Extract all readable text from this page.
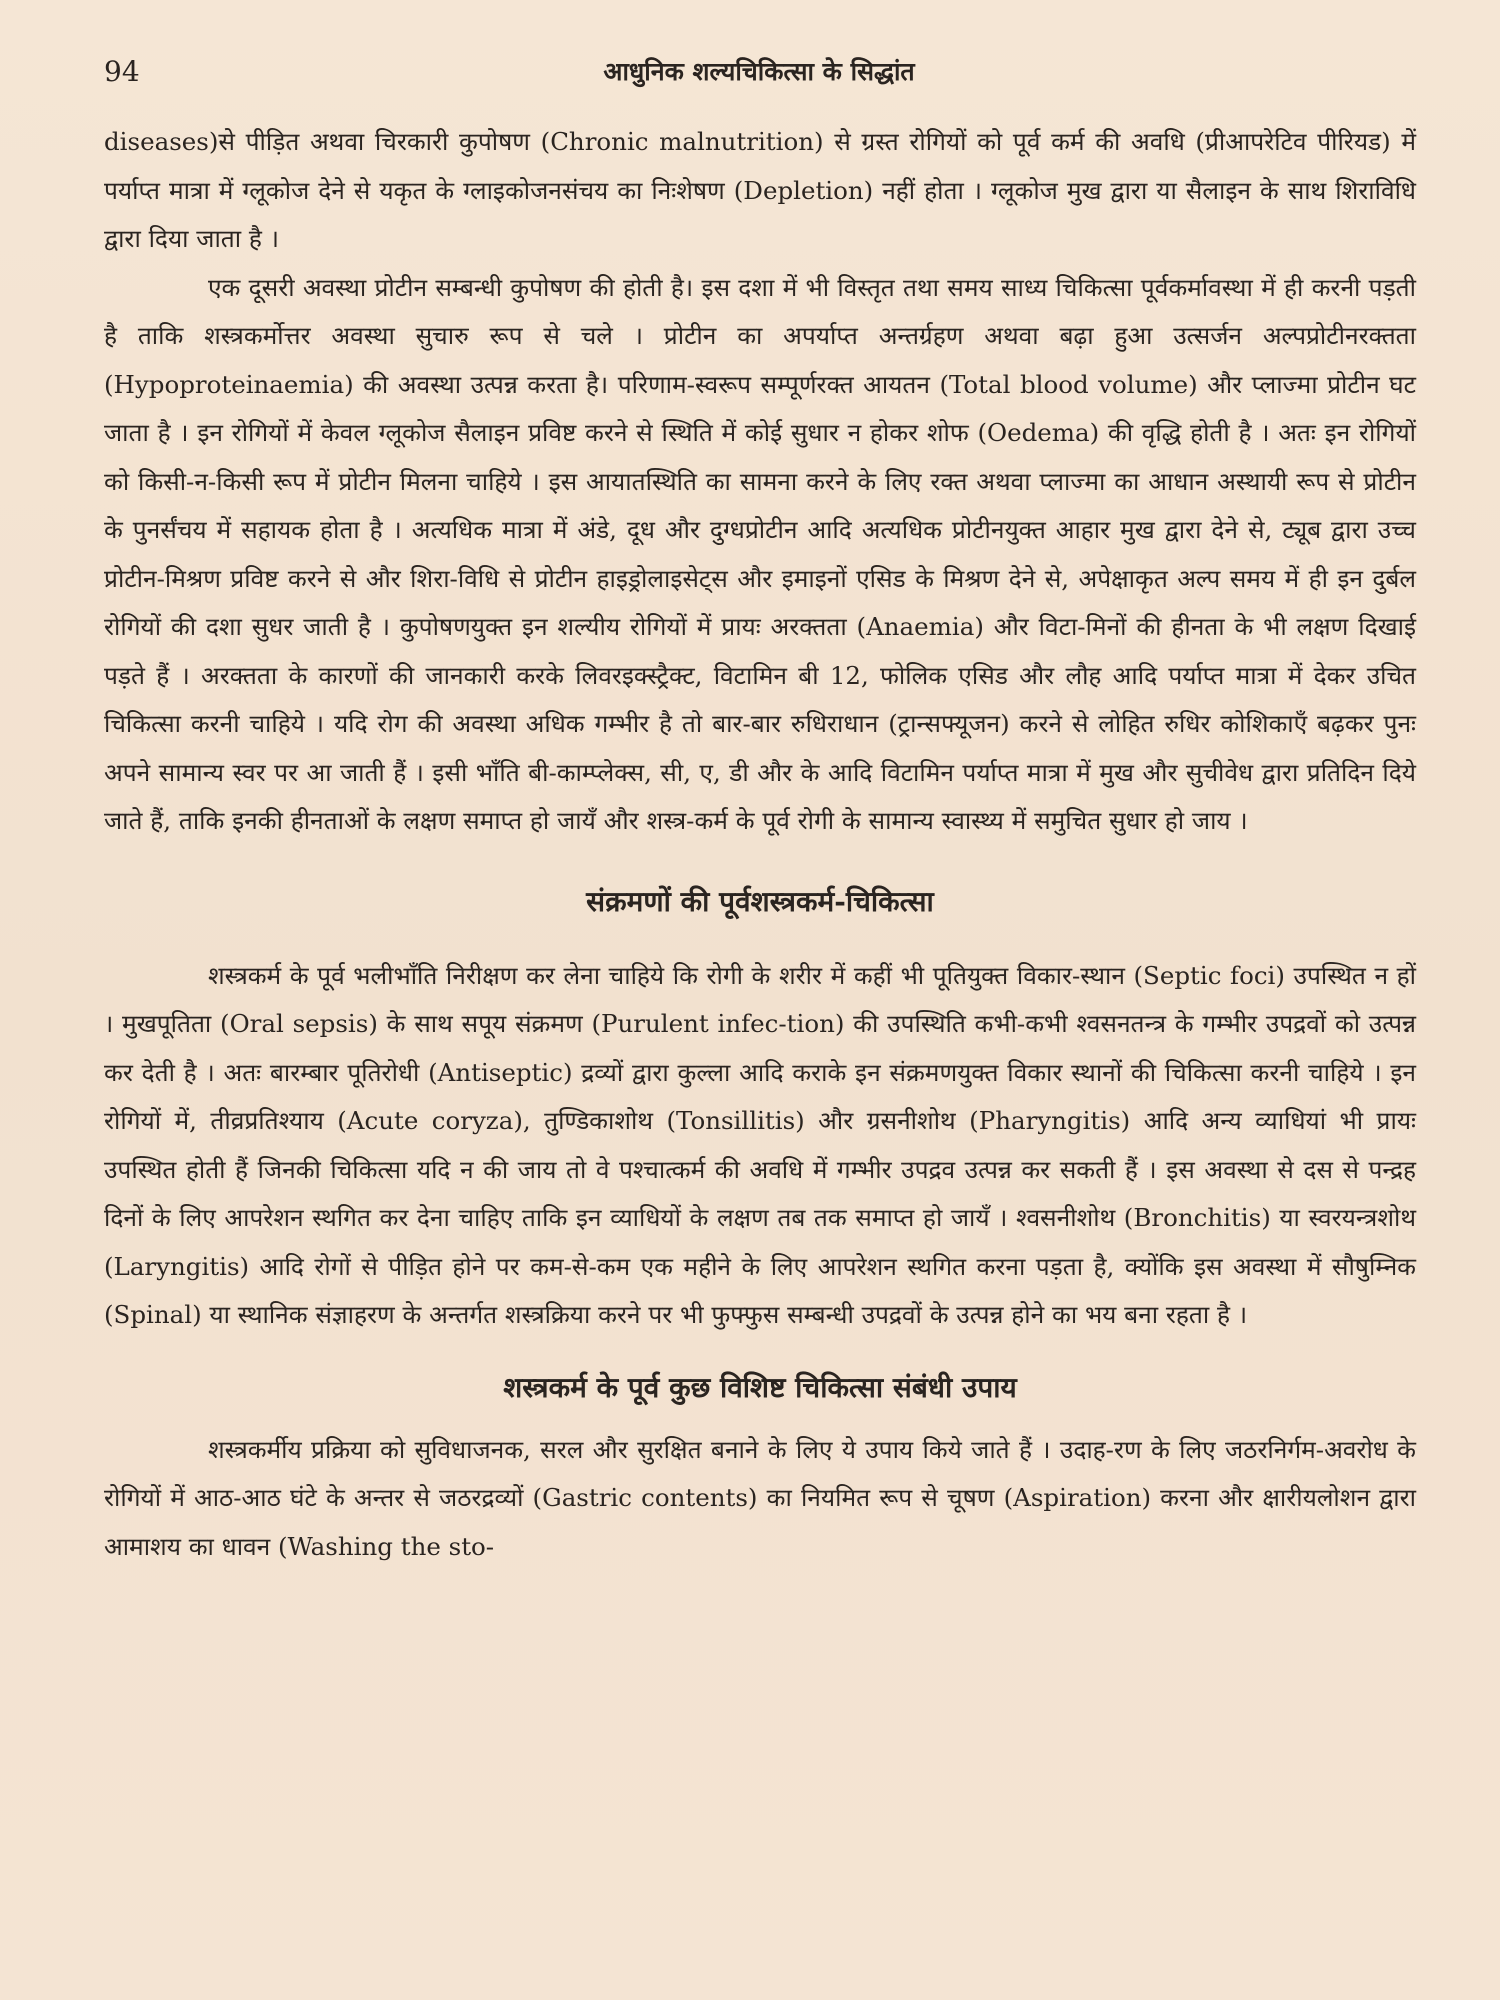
94	आधुनिक शल्यचिकित्सा के सिद्धांत

diseases)से पीड़ित अथवा चिरकारी कुपोषण (Chronic malnutrition) से ग्रस्त रोगियों को पूर्व कर्म की अवधि (प्रीआपरेटिव पीरियड) में पर्याप्त मात्रा में ग्लूकोज देने से यकृत के ग्लाइकोजनसंचय का निःशेषण (Depletion) नहीं होता । ग्लूकोज मुख द्वारा या सैलाइन के साथ शिराविधि द्वारा दिया जाता है ।

एक दूसरी अवस्था प्रोटीन सम्बन्धी कुपोषण की होती है। इस दशा में भी विस्तृत तथा समय साध्य चिकित्सा पूर्वकर्मावस्था में ही करनी पड़ती है ताकि शस्त्रकर्मोत्तर अवस्था सुचारु रूप से चले । प्रोटीन का अपर्याप्त अन्तर्ग्रहण अथवा बढ़ा हुआ उत्सर्जन अल्पप्रोटीनरक्तता (Hypoproteinaemia) की अवस्था उत्पन्न करता है। परिणाम-स्वरूप सम्पूर्णरक्त आयतन (Total blood volume) और प्लाज्मा प्रोटीन घट जाता है । इन रोगियों में केवल ग्लूकोज सैलाइन प्रविष्ट करने से स्थिति में कोई सुधार न होकर शोफ (Oedema) की वृद्धि होती है । अतः इन रोगियों को किसी-न-किसी रूप में प्रोटीन मिलना चाहिये । इस आयातस्थिति का सामना करने के लिए रक्त अथवा प्लाज्मा का आधान अस्थायी रूप से प्रोटीन के पुनर्संचय में सहायक होता है । अत्यधिक मात्रा में अंडे, दूध और दुग्धप्रोटीन आदि अत्यधिक प्रोटीनयुक्त आहार मुख द्वारा देने से, ट्यूब द्वारा उच्च प्रोटीन-मिश्रण प्रविष्ट करने से और शिरा-विधि से प्रोटीन हाइड्रोलाइसेट्स और इमाइनों एसिड के मिश्रण देने से, अपेक्षाकृत अल्प समय में ही इन दुर्बल रोगियों की दशा सुधर जाती है । कुपोषणयुक्त इन शल्यीय रोगियों में प्रायः अरक्तता (Anaemia) और विटा-मिनों की हीनता के भी लक्षण दिखाई पड़ते हैं । अरक्तता के कारणों की जानकारी करके लिवरइक्स्ट्रैक्ट, विटामिन बी 12, फोलिक एसिड और लौह आदि पर्याप्त मात्रा में देकर उचित चिकित्सा करनी चाहिये । यदि रोग की अवस्था अधिक गम्भीर है तो बार-बार रुधिराधान (ट्रान्सफ्यूजन) करने से लोहित रुधिर कोशिकाएँ बढ़कर पुनः अपने सामान्य स्वर पर आ जाती हैं । इसी भाँति बी-काम्प्लेक्स, सी, ए, डी और के आदि विटामिन पर्याप्त मात्रा में मुख और सुचीवेध द्वारा प्रतिदिन दिये जाते हैं, ताकि इनकी हीनताओं के लक्षण समाप्त हो जायँ और शस्त्र-कर्म के पूर्व रोगी के सामान्य स्वास्थ्य में समुचित सुधार हो जाय ।

संक्रमणों की पूर्वशस्त्रकर्म-चिकित्सा

शस्त्रकर्म के पूर्व भलीभाँति निरीक्षण कर लेना चाहिये कि रोगी के शरीर में कहीं भी पूतियुक्त विकार-स्थान (Septic foci) उपस्थित न हों । मुखपूतिता (Oral sepsis) के साथ सपूय संक्रमण (Purulent infec-tion) की उपस्थिति कभी-कभी श्वसनतन्त्र के गम्भीर उपद्रवों को उत्पन्न कर देती है । अतः बारम्बार पूतिरोधी (Antiseptic) द्रव्यों द्वारा कुल्ला आदि कराके इन संक्रमणयुक्त विकार स्थानों की चिकित्सा करनी चाहिये । इन रोगियों में, तीव्रप्रतिश्याय (Acute coryza), तुण्डिकाशोथ (Tonsillitis) और ग्रसनीशोथ (Pharyngitis) आदि अन्य व्याधियां भी प्रायः उपस्थित होती हैं जिनकी चिकित्सा यदि न की जाय तो वे पश्चात्कर्म की अवधि में गम्भीर उपद्रव उत्पन्न कर सकती हैं । इस अवस्था से दस से पन्द्रह दिनों के लिए आपरेशन स्थगित कर देना चाहिए ताकि इन व्याधियों के लक्षण तब तक समाप्त हो जायँ । श्वसनीशोथ (Bronchitis) या स्वरयन्त्रशोथ (Laryngitis) आदि रोगों से पीड़ित होने पर कम-से-कम एक महीने के लिए आपरेशन स्थगित करना पड़ता है, क्योंकि इस अवस्था में सौषुम्निक (Spinal) या स्थानिक संज्ञाहरण के अन्तर्गत शस्त्रक्रिया करने पर भी फुफ्फुस सम्बन्धी उपद्रवों के उत्पन्न होने का भय बना रहता है ।

शस्त्रकर्म के पूर्व कुछ विशिष्ट चिकित्सा संबंधी उपाय

शस्त्रकर्मीय प्रक्रिया को सुविधाजनक, सरल और सुरक्षित बनाने के लिए ये उपाय किये जाते हैं । उदाह-रण के लिए जठरनिर्गम-अवरोध के रोगियों में आठ-आठ घंटे के अन्तर से जठरद्रव्यों (Gastric contents) का नियमित रूप से चूषण (Aspiration) करना और क्षारीयलोशन द्वारा आमाशय का धावन (Washing the sto-
